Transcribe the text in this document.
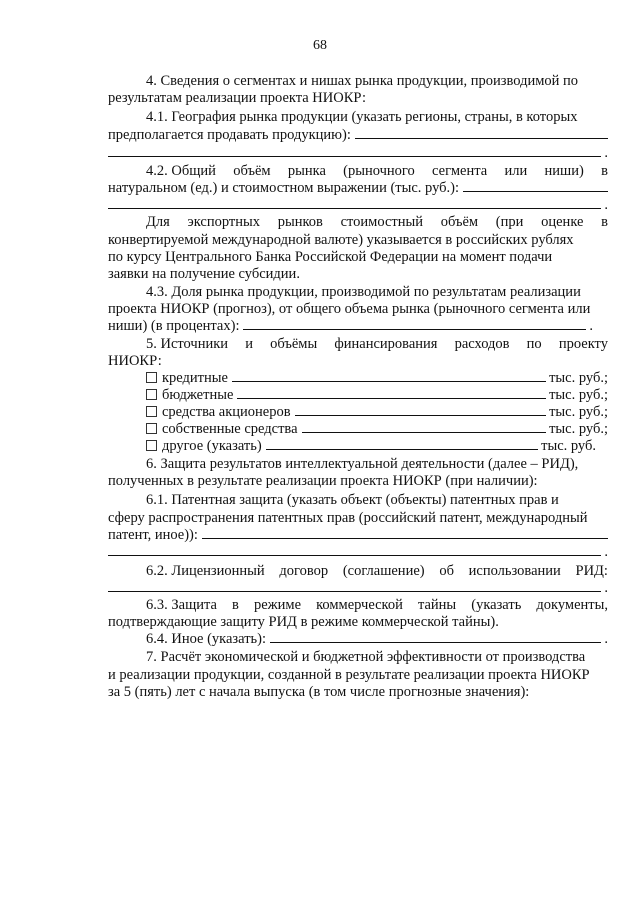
68
4. Сведения о сегментах и нишах рынка продукции, производимой по
результатам реализации проекта НИОКР:
4.1. География рынка продукции (указать регионы, страны, в которых
предполагается продавать продукцию):
.
4.2. Общий объём рынка (рыночного сегмента или ниши) в
натуральном (ед.) и стоимостном выражении (тыс. руб.):
.
Для экспортных рынков стоимостный объём (при оценке в
конвертируемой международной валюте) указывается в российских рублях
по курсу Центрального Банка Российской Федерации на момент подачи
заявки на получение субсидии.
4.3. Доля рынка продукции, производимой по результатам реализации
проекта НИОКР (прогноз), от общего объема рынка (рыночного сегмента или
ниши) (в процентах):	.
5. Источники и объёмы финансирования расходов по проекту
НИОКР:
кредитные	тыс. руб.;
бюджетные	тыс. руб.;
средства акционеров	тыс. руб.;
собственные средства	тыс. руб.;
другое (указать)	тыс. руб.
6. Защита результатов интеллектуальной деятельности (далее – РИД),
полученных в результате реализации проекта НИОКР (при наличии):
6.1. Патентная защита (указать объект (объекты) патентных прав и
сферу распространения патентных прав (российский патент, международный
патент, иное)):
.
6.2. Лицензионный договор (соглашение) об использовании РИД:
.
6.3. Защита в режиме коммерческой тайны (указать документы,
подтверждающие защиту РИД в режиме коммерческой тайны).
6.4. Иное (указать):	.
7. Расчёт экономической и бюджетной эффективности от производства
и реализации продукции, созданной в результате реализации проекта НИОКР
за 5 (пять) лет с начала выпуска (в том числе прогнозные значения):
